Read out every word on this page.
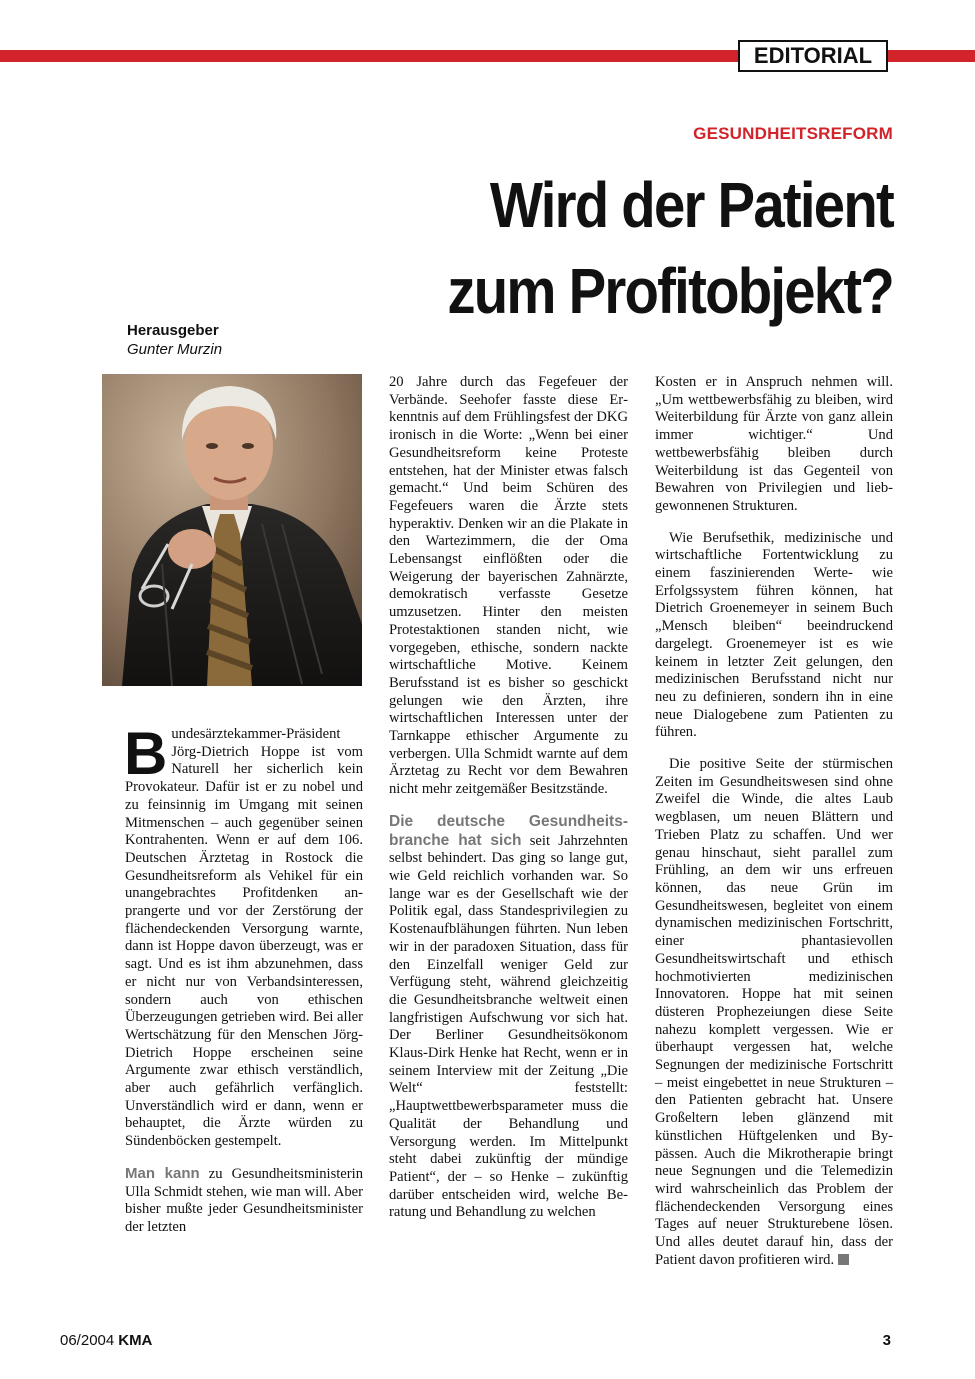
EDITORIAL
GESUNDHEITSREFORM
Wird der Patient
zum Profitobjekt?
Herausgeber
Gunter Murzin

Bundesärztekammer-Präsident Jörg-Dietrich Hoppe ist vom Naturell her sicherlich kein Provokateur. Dafür ist er zu nobel und zu feinsinnig im Umgang mit seinen Mitmenschen – auch gegenüber seinen Kontrahenten. Wenn er auf dem 106. Deutschen Ärztetag in Rostock die Gesundheitsreform als Vehikel für ein unangebrachtes Profitdenken anprangerte und vor der Zerstörung der flächendeckenden Versorgung warnte, dann ist Hoppe davon überzeugt, was er sagt. Und es ist ihm abzunehmen, dass er nicht nur von Verbandsinteressen, sondern auch von ethischen Überzeugungen getrieben wird. Bei aller Wertschätzung für den Menschen Jörg-Dietrich Hoppe erscheinen seine Argumente zwar ethisch verständlich, aber auch gefährlich verfänglich. Unverständlich wird er dann, wenn er behauptet, die Ärzte würden zu Sündenböcken gestempelt.

Man kann zu Gesundheitsministerin Ulla Schmidt stehen, wie man will. Aber bisher mußte jeder Gesundheitsminister der letzten

20 Jahre durch das Fegefeuer der Verbände. Seehofer fasste diese Erkenntnis auf dem Frühlingsfest der DKG ironisch in die Worte: „Wenn bei einer Gesundheitsreform keine Proteste entstehen, hat der Minister etwas falsch gemacht.“ Und beim Schüren des Fegefeuers waren die Ärzte stets hyperaktiv. Denken wir an die Plakate in den Wartezimmern, die der Oma Lebensangst einflößten oder die Weigerung der bayerischen Zahnärzte, demokratisch verfasste Gesetze umzusetzen. Hinter den meisten Protestaktionen standen nicht, wie vorgegeben, ethische, sondern nackte wirtschaftliche Motive. Keinem Berufsstand ist es bisher so geschickt gelungen wie den Ärzten, ihre wirtschaftlichen Interessen unter der Tarnkappe ethischer Argumente zu verbergen. Ulla Schmidt warnte auf dem Ärztetag zu Recht vor dem Bewahren nicht mehr zeitgemäßer Besitzstände.

Die deutsche Gesundheitsbranche hat sich seit Jahrzehnten selbst behindert. Das ging so lange gut, wie Geld reichlich vorhanden war. So lange war es der Gesellschaft wie der Politik egal, dass Standesprivilegien zu Kostenaufblähungen führten. Nun leben wir in der paradoxen Situation, dass für den Einzelfall weniger Geld zur Verfügung steht, während gleichzeitig die Gesundheitsbranche weltweit einen langfristigen Aufschwung vor sich hat. Der Berliner Gesundheitsökonom Klaus-Dirk Henke hat Recht, wenn er in seinem Interview mit der Zeitung „Die Welt“ feststellt: „Hauptwettbewerbsparameter muss die Qualität der Behandlung und Versorgung werden. Im Mittelpunkt steht dabei zukünftig der mündige Patient“, der – so Henke – zukünftig darüber entscheiden wird, welche Beratung und Behandlung zu welchen

Kosten er in Anspruch nehmen will. „Um wettbewerbsfähig zu bleiben, wird Weiterbildung für Ärzte von ganz allein immer wichtiger.“ Und wettbewerbsfähig bleiben durch Weiterbildung ist das Gegenteil von Bewahren von Privilegien und liebgewonnenen Strukturen.

Wie Berufsethik, medizinische und wirtschaftliche Fortentwicklung zu einem faszinierenden Werte- wie Erfolgssystem führen können, hat Dietrich Groenemeyer in seinem Buch „Mensch bleiben“ beeindruckend dargelegt. Groenemeyer ist es wie keinem in letzter Zeit gelungen, den medizinischen Berufsstand nicht nur neu zu definieren, sondern ihn in eine neue Dialogebene zum Patienten zu führen.

Die positive Seite der stürmischen Zeiten im Gesundheitswesen sind ohne Zweifel die Winde, die altes Laub wegblasen, um neuen Blättern und Trieben Platz zu schaffen. Und wer genau hinschaut, sieht parallel zum Frühling, an dem wir uns erfreuen können, das neue Grün im Gesundheitswesen, begleitet von einem dynamischen medizinischen Fortschritt, einer phantasievollen Gesundheitswirtschaft und ethisch hochmotivierten medizinischen Innovatoren. Hoppe hat mit seinen düsteren Prophezeiungen diese Seite nahezu komplett vergessen. Wie er überhaupt vergessen hat, welche Segnungen der medizinische Fortschritt – meist eingebettet in neue Strukturen – den Patienten gebracht hat. Unsere Großeltern leben glänzend mit künstlichen Hüftgelenken und Bypässen. Auch die Mikrotherapie bringt neue Segnungen und die Telemedizin wird wahrscheinlich das Problem der flächendeckenden Versorgung eines Tages auf neuer Strukturebene lösen. Und alles deutet darauf hin, dass der Patient davon profitieren wird.

06/2004 KMA	3
